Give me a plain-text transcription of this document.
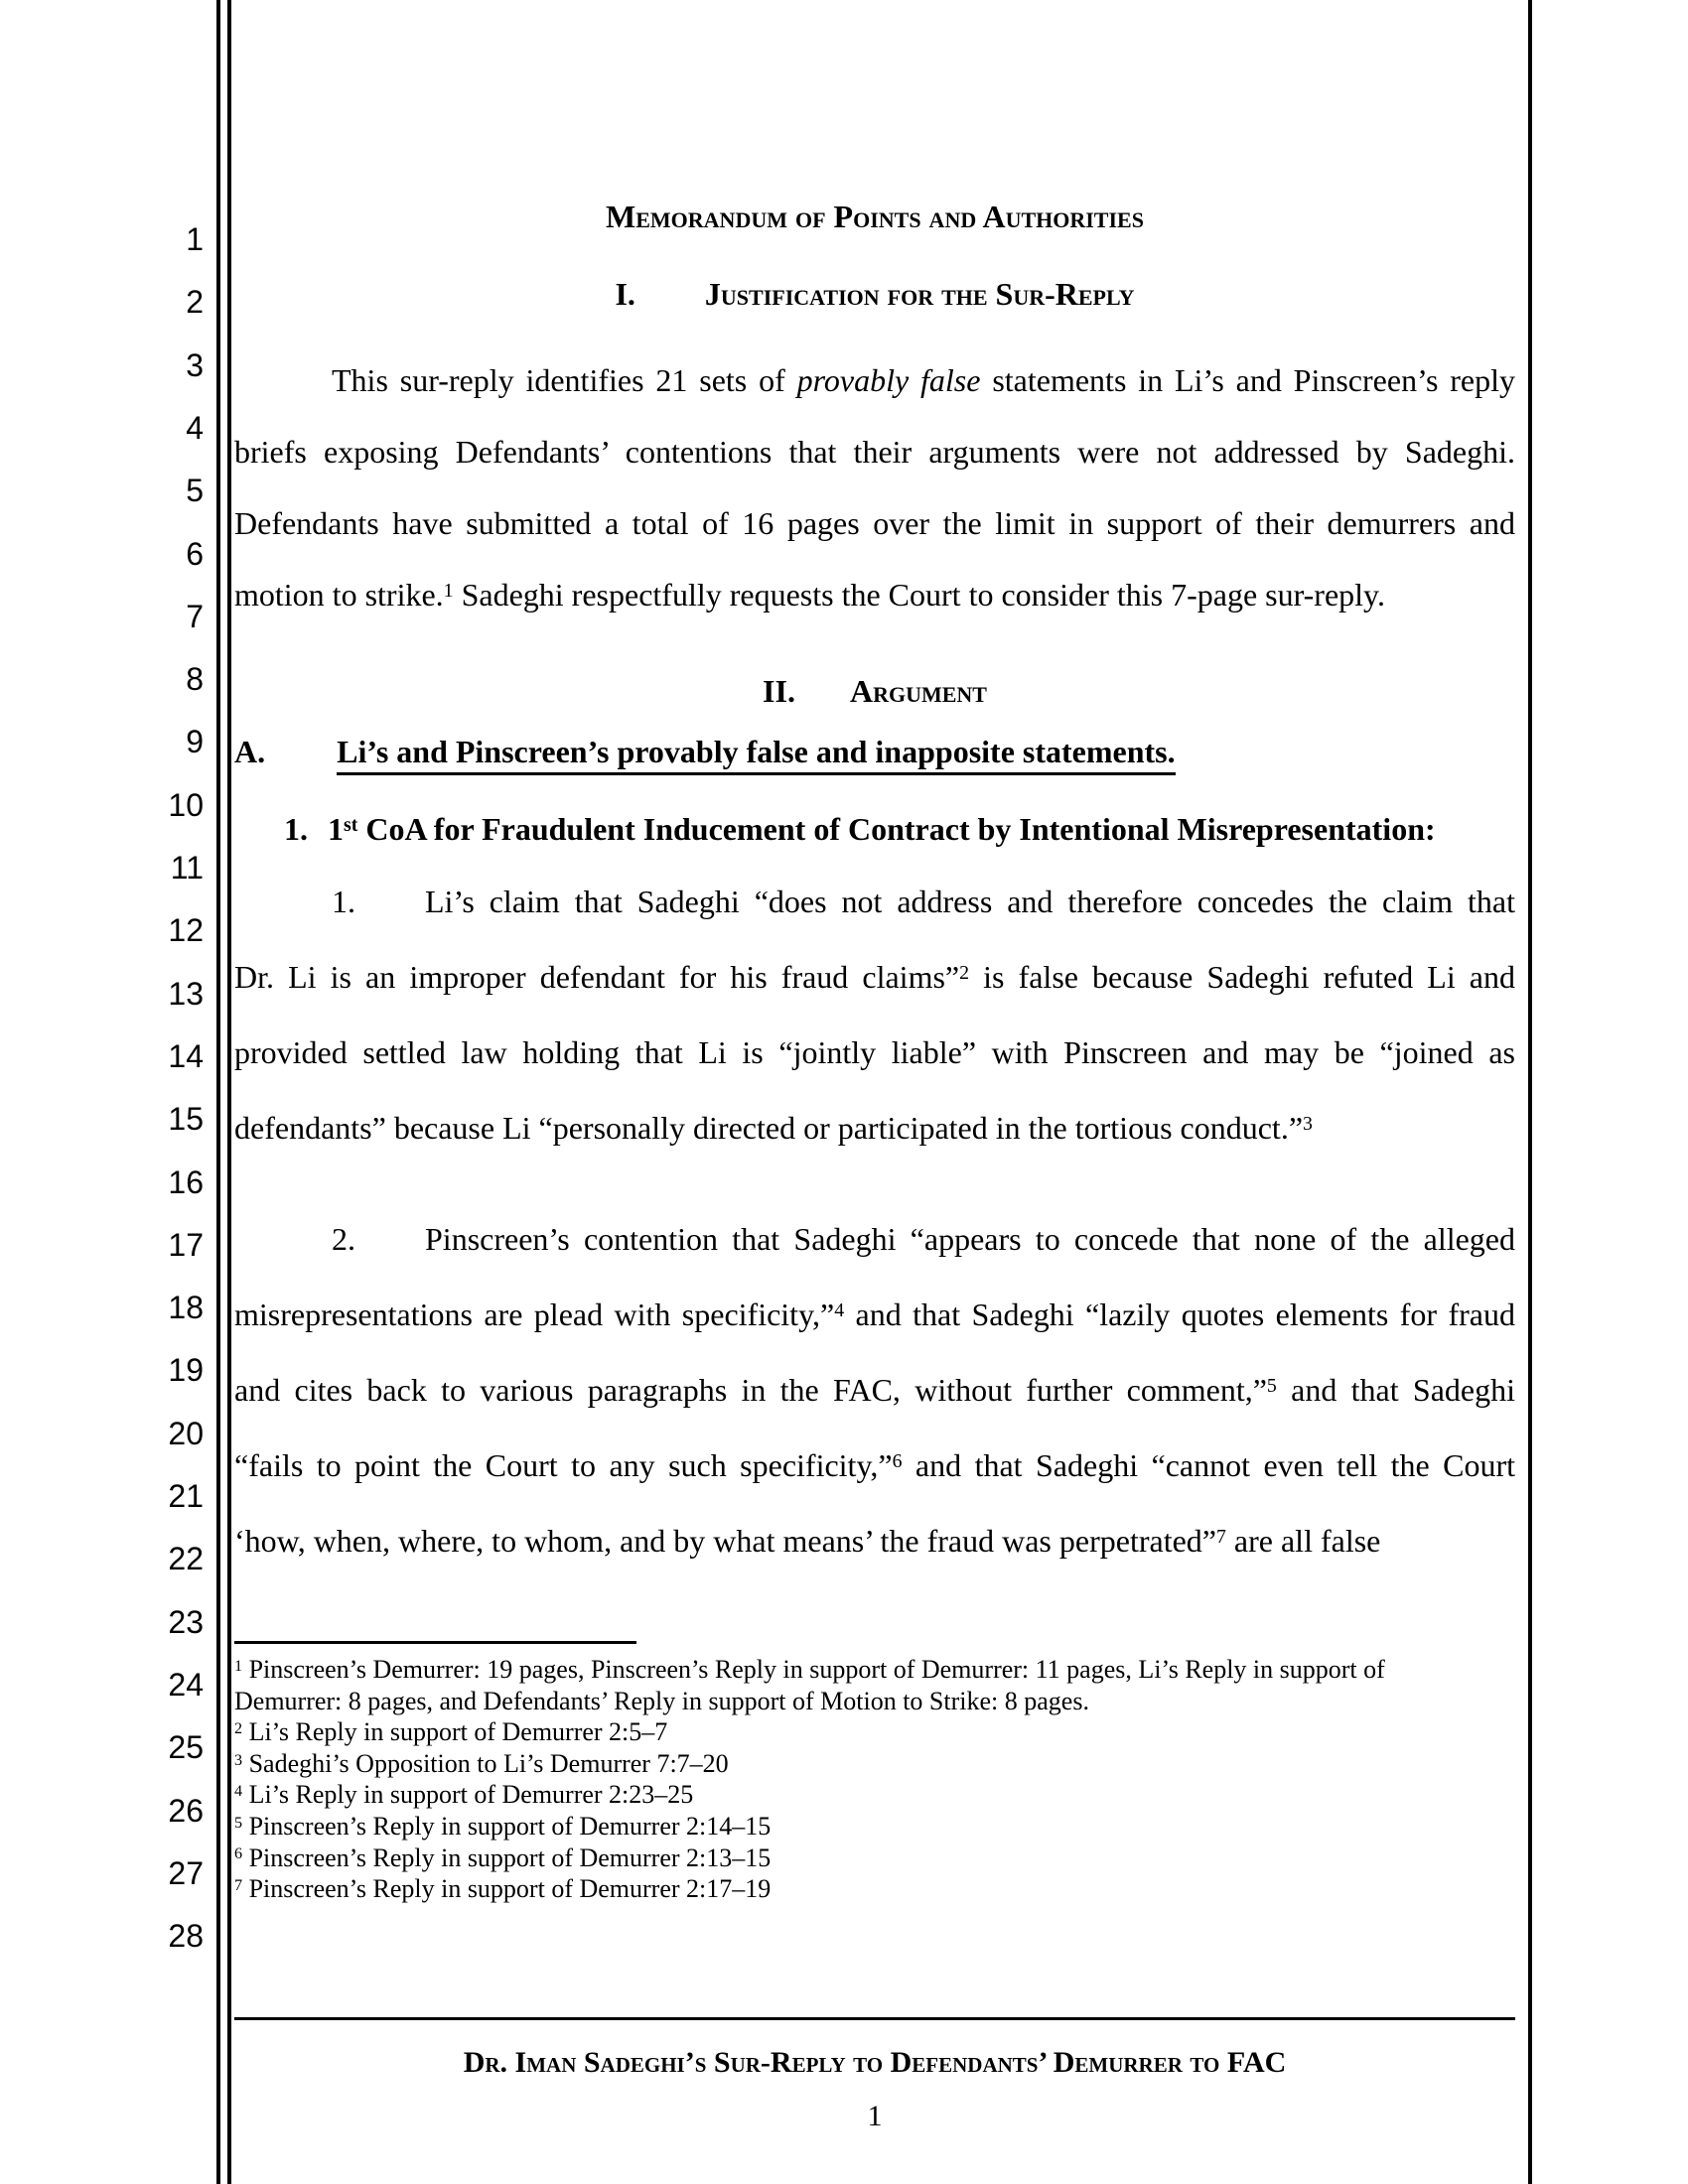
1
2
3
4
5
6
7
8
9
10
11
12
13
14
15
16
17
18
19
20
21
22
23
24
25
26
27
28
Memorandum of Points and Authorities
I. Justification for the Sur-Reply
This sur-reply identifies 21 sets of provably false statements in Li’s and Pinscreen’s reply
briefs exposing Defendants’ contentions that their arguments were not addressed by Sadeghi.
Defendants have submitted a total of 16 pages over the limit in support of their demurrers and
motion to strike.$^1$ Sadeghi respectfully requests the Court to consider this 7-page sur-reply.
II. Argument
A. Li’s and Pinscreen’s provably false and inapposite statements.
1. 1st CoA for Fraudulent Inducement of Contract by Intentional Misrepresentation:
1. Li’s claim that Sadeghi “does not address and therefore concedes the claim that
Dr. Li is an improper defendant for his fraud claims”$^2$ is false because Sadeghi refuted Li and
provided settled law holding that Li is “jointly liable” with Pinscreen and may be “joined as
defendants” because Li “personally directed or participated in the tortious conduct.”$^3$
2. Pinscreen’s contention that Sadeghi “appears to concede that none of the alleged
misrepresentations are plead with specificity,”$^4$ and that Sadeghi “lazily quotes elements for fraud
and cites back to various paragraphs in the FAC, without further comment,”$^5$ and that Sadeghi
“fails to point the Court to any such specificity,”$^6$ and that Sadeghi “cannot even tell the Court
‘how, when, where, to whom, and by what means’ the fraud was perpetrated”$^7$ are all false
$^1$ Pinscreen’s Demurrer: 19 pages, Pinscreen’s Reply in support of Demurrer: 11 pages, Li’s Reply in support of
Demurrer: 8 pages, and Defendants’ Reply in support of Motion to Strike: 8 pages.
$^2$ Li’s Reply in support of Demurrer 2:5–7
$^3$ Sadeghi’s Opposition to Li’s Demurrer 7:7–20
$^4$ Li’s Reply in support of Demurrer 2:23–25
$^5$ Pinscreen’s Reply in support of Demurrer 2:14–15
$^6$ Pinscreen’s Reply in support of Demurrer 2:13–15
$^7$ Pinscreen’s Reply in support of Demurrer 2:17–19
Dr. Iman Sadeghi’s Sur-Reply to Defendants’ Demurrer to FAC
1
